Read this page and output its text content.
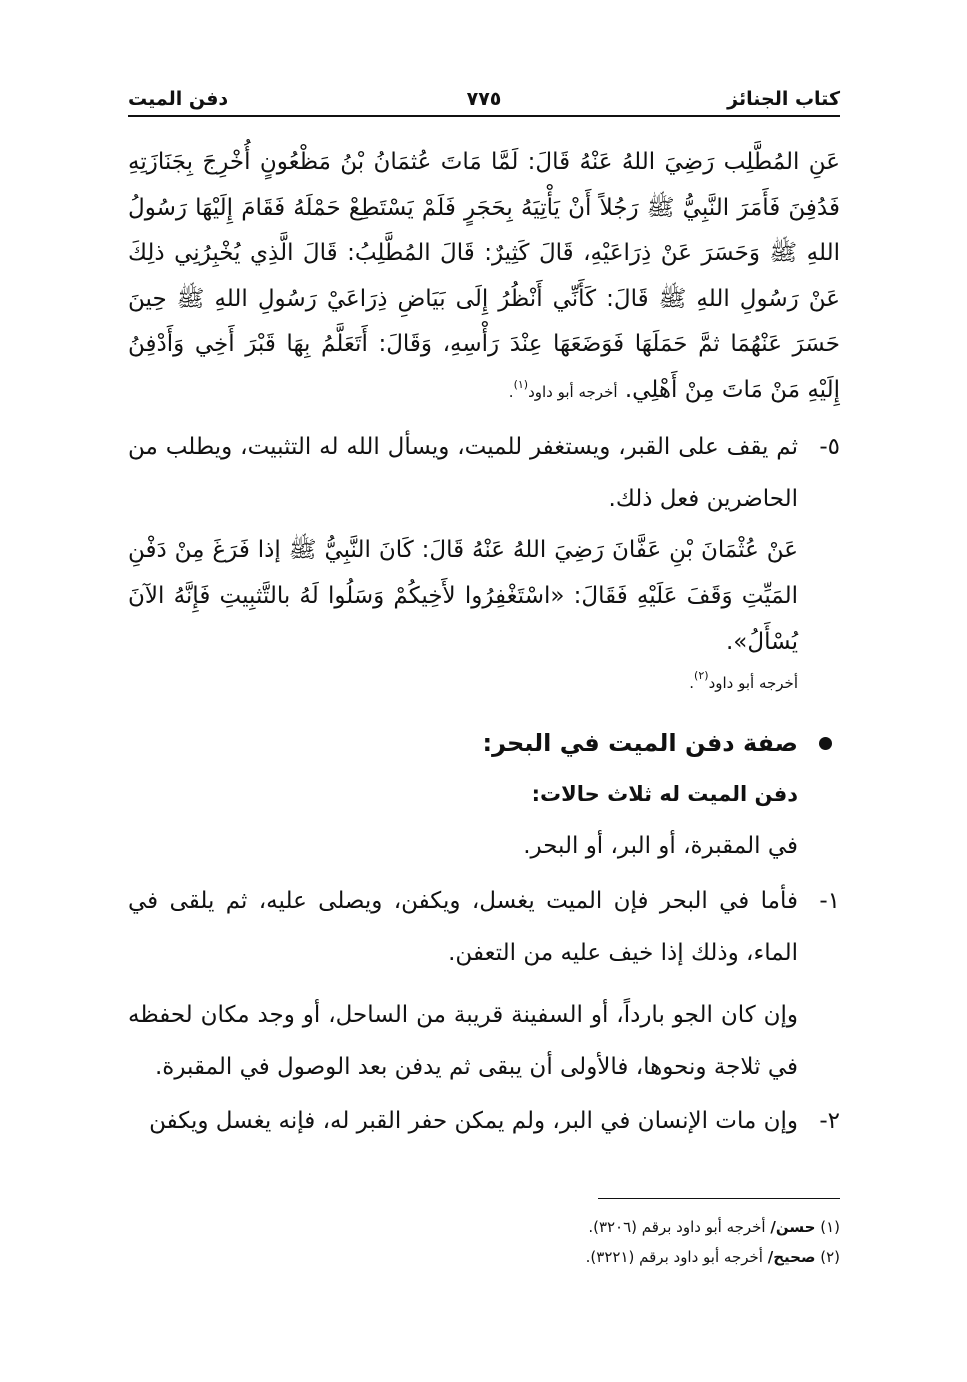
كتاب الجنائز
٧٧٥
دفن الميت

عَنِ المُطَّلِب رَضِيَ اللهُ عَنْهُ قَالَ: لَمَّا مَاتَ عُثمَانُ بْنُ مَظْعُونٍ أُخْرِجَ بِجَنَازَتِهِ فَدُفِنَ فَأَمَرَ النَّبِيُّ ﷺ رَجُلاً أَنْ يَأْتِيَهُ بِحَجَرٍ فَلَمْ يَسْتَطِعْ حَمْلَهُ فَقَامَ إِلَيْهَا رَسُولُ اللهِ ﷺ وَحَسَرَ عَنْ ذِرَاعَيْهِ، قَالَ كَثِيرٌ: قَالَ المُطَّلِبُ: قَالَ الَّذِي يُخْبِرُنِي ذلِكَ عَنْ رَسُولِ اللهِ ﷺ قَالَ: كَأَنِّي أَنْظُرُ إِلَى بَيَاضِ ذِرَاعَيْ رَسُولِ اللهِ ﷺ حِينَ حَسَرَ عَنْهُمَا ثمَّ حَمَلَهَا فَوَضَعَهَا عِنْدَ رَأْسِهِ، وَقَالَ: أَتَعَلَّمُ بِهَا قَبْرَ أَخِي وَأَدْفِنُ إِلَيْهِ مَنْ مَاتَ مِنْ أَهْلِي. أخرجه أبو داود$^{(١)}$.

٥-

ثم يقف على القبر، ويستغفر للميت، ويسأل الله له التثبيت، ويطلب من الحاضرين فعل ذلك.

عَنْ عُثْمَانَ بْنِ عَفَّانَ رَضِيَ اللهُ عَنْهُ قَالَ: كَانَ النَّبِيُّ ﷺ إذا فَرَغَ مِنْ دَفْنِ المَيِّتِ وَقَفَ عَلَيْهِ فَقَالَ: «اسْتَغْفِرُوا لأَخِيكُمْ وَسَلُوا لَهُ بالتَّثبِيتِ فَإِنَّهُ الآنَ يُسْأَلُ».

أخرجه أبو داود$^{(٢)}$.

صفة دفن الميت في البحر:

دفن الميت له ثلاث حالات:

في المقبرة، أو البر، أو البحر.

١-

فأما في البحر فإن الميت يغسل، ويكفن، ويصلى عليه، ثم يلقى في الماء، وذلك إذا خيف عليه من التعفن.

وإن كان الجو بارداً، أو السفينة قريبة من الساحل، أو وجد مكان لحفظه في ثلاجة ونحوها، فالأولى أن يبقى ثم يدفن بعد الوصول في المقبرة.

٢-

وإن مات الإنسان في البر، ولم يمكن حفر القبر له، فإنه يغسل ويكفن

(١) حسن/ أخرجه أبو داود برقم (٣٢٠٦).

(٢) صحيح/ أخرجه أبو داود برقم (٣٢٢١).
